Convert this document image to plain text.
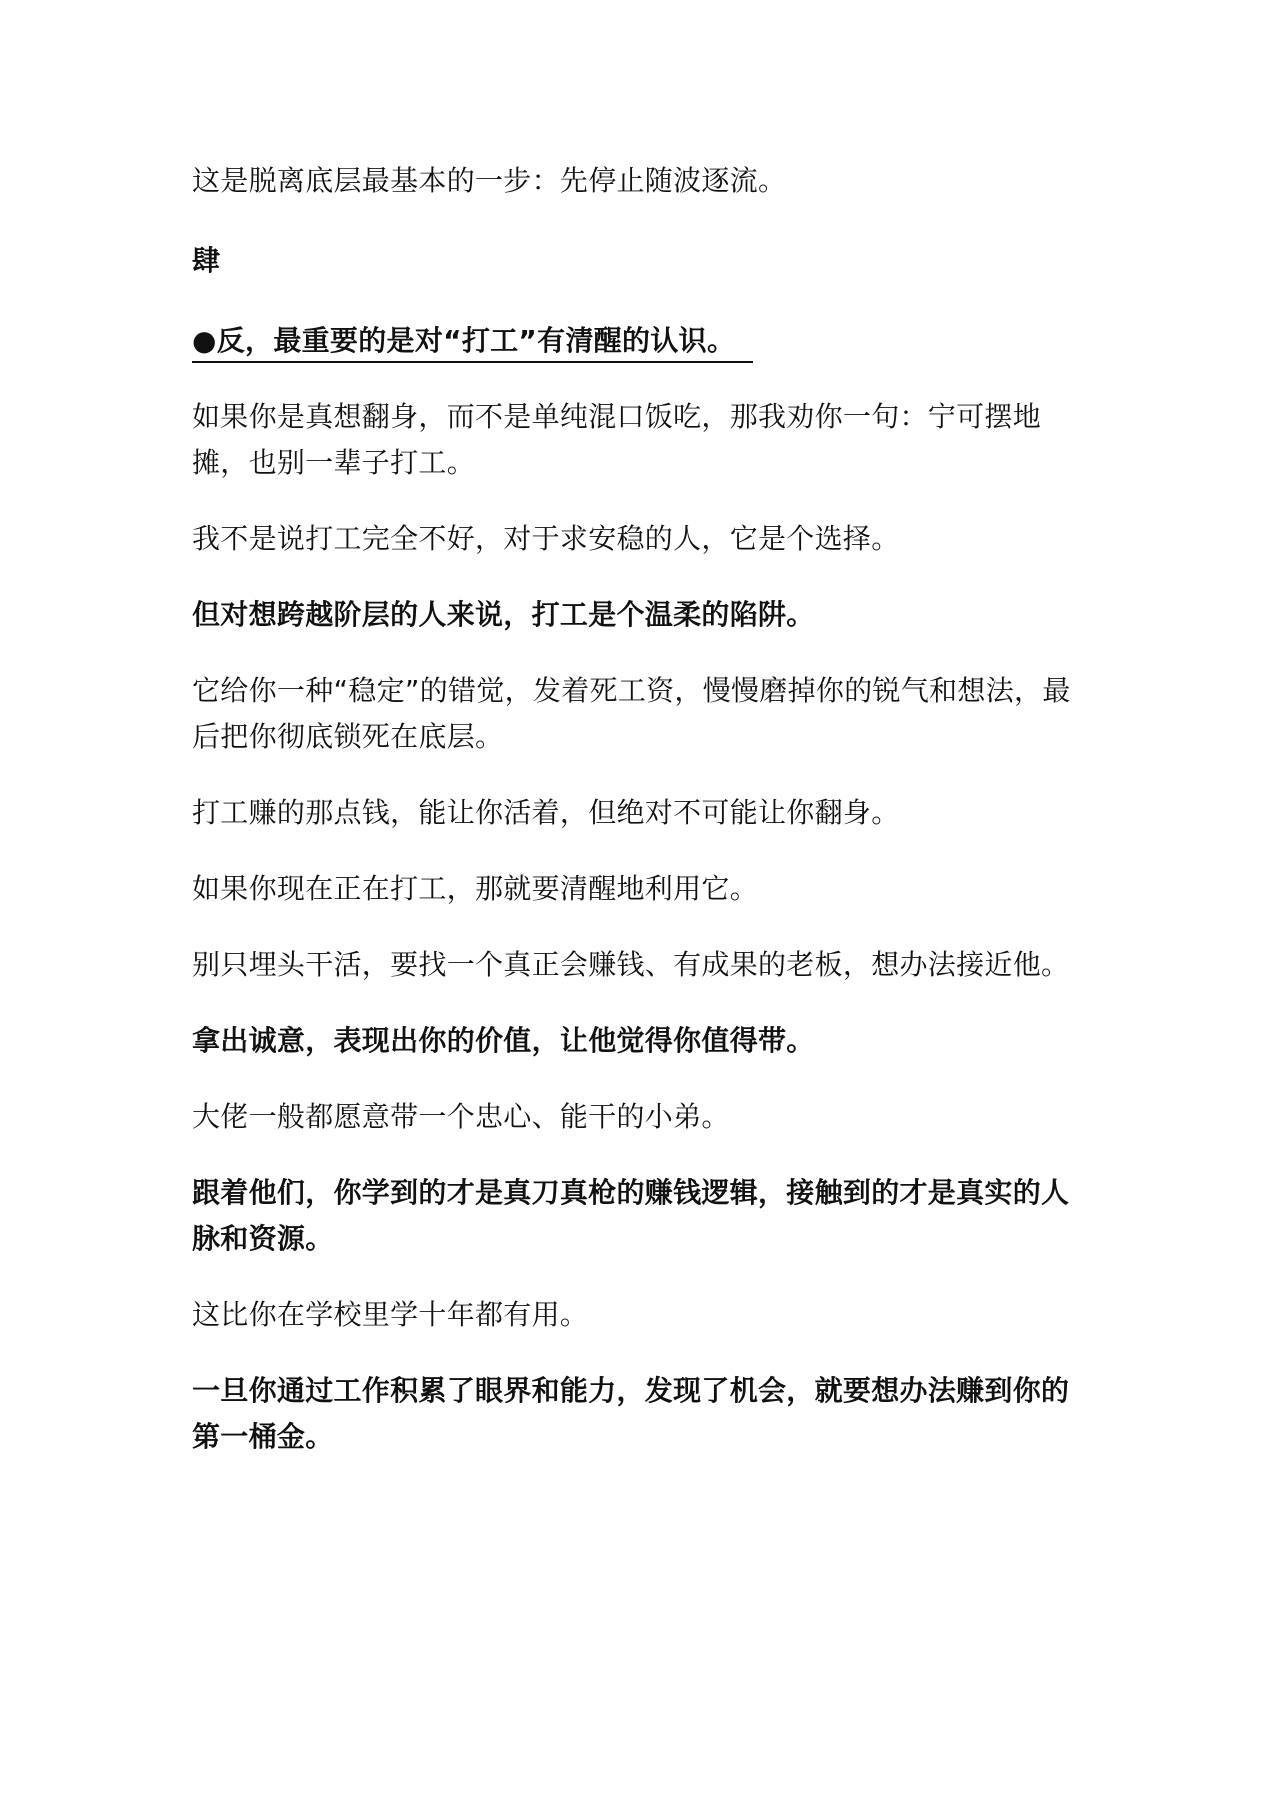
这是脱离底层最基本的一步：先停止随波逐流。

肆

●反，最重要的是对“打工”有清醒的认识。

如果你是真想翻身，而不是单纯混口饭吃，那我劝你一句：宁可摆地摊，也别一辈子打工。

我不是说打工完全不好，对于求安稳的人，它是个选择。

但对想跨越阶层的人来说，打工是个温柔的陷阱。

它给你一种“稳定”的错觉，发着死工资，慢慢磨掉你的锐气和想法，最后把你彻底锁死在底层。

打工赚的那点钱，能让你活着，但绝对不可能让你翻身。

如果你现在正在打工，那就要清醒地利用它。

别只埋头干活，要找一个真正会赚钱、有成果的老板，想办法接近他。

拿出诚意，表现出你的价值，让他觉得你值得带。

大佬一般都愿意带一个忠心、能干的小弟。

跟着他们，你学到的才是真刀真枪的赚钱逻辑，接触到的才是真实的人脉和资源。

这比你在学校里学十年都有用。

一旦你通过工作积累了眼界和能力，发现了机会，就要想办法赚到你的第一桶金。
